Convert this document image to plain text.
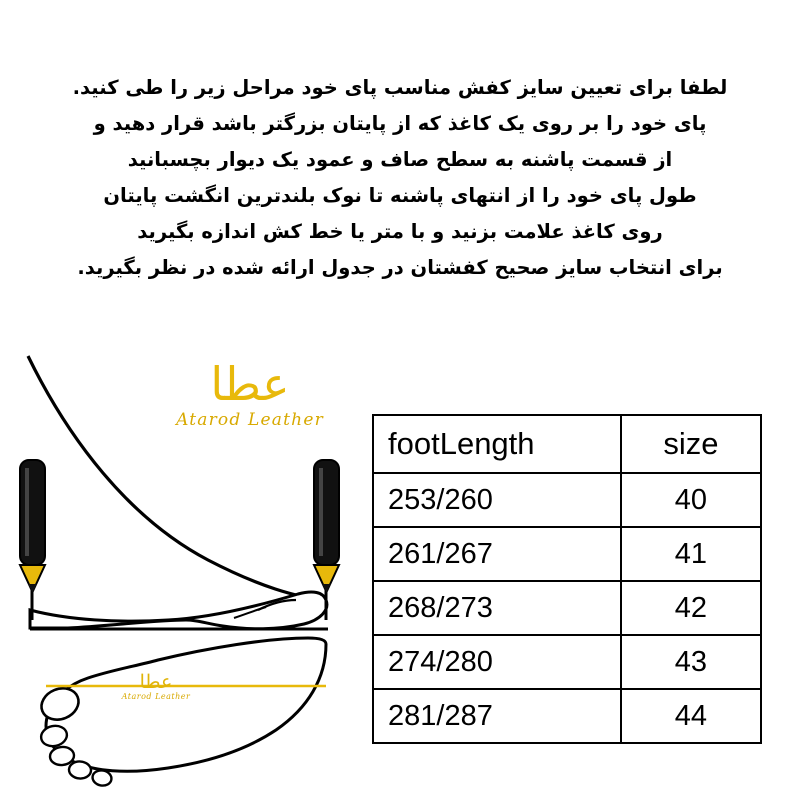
لطفا برای تعیین سایز کفش مناسب پای خود مراحل زیر را طی کنید.
پای خود را بر روی یک کاغذ که از پایتان بزرگتر باشد قرار دهید و
از قسمت پاشنه به سطح صاف و عمود یک دیوار بچسبانید
طول پای خود را از انتهای پاشنه تا نوک بلندترین انگشت پایتان
روی کاغذ علامت بزنید و با متر یا خط کش اندازه بگیرید
برای انتخاب سایز صحیح کفشتان در جدول ارائه شده در نظر بگیرید.
عطا
Atarod Leather
عطا
Atarod Leather
footLength	size
253/260	40
261/267	41
268/273	42
274/280	43
281/287	44
